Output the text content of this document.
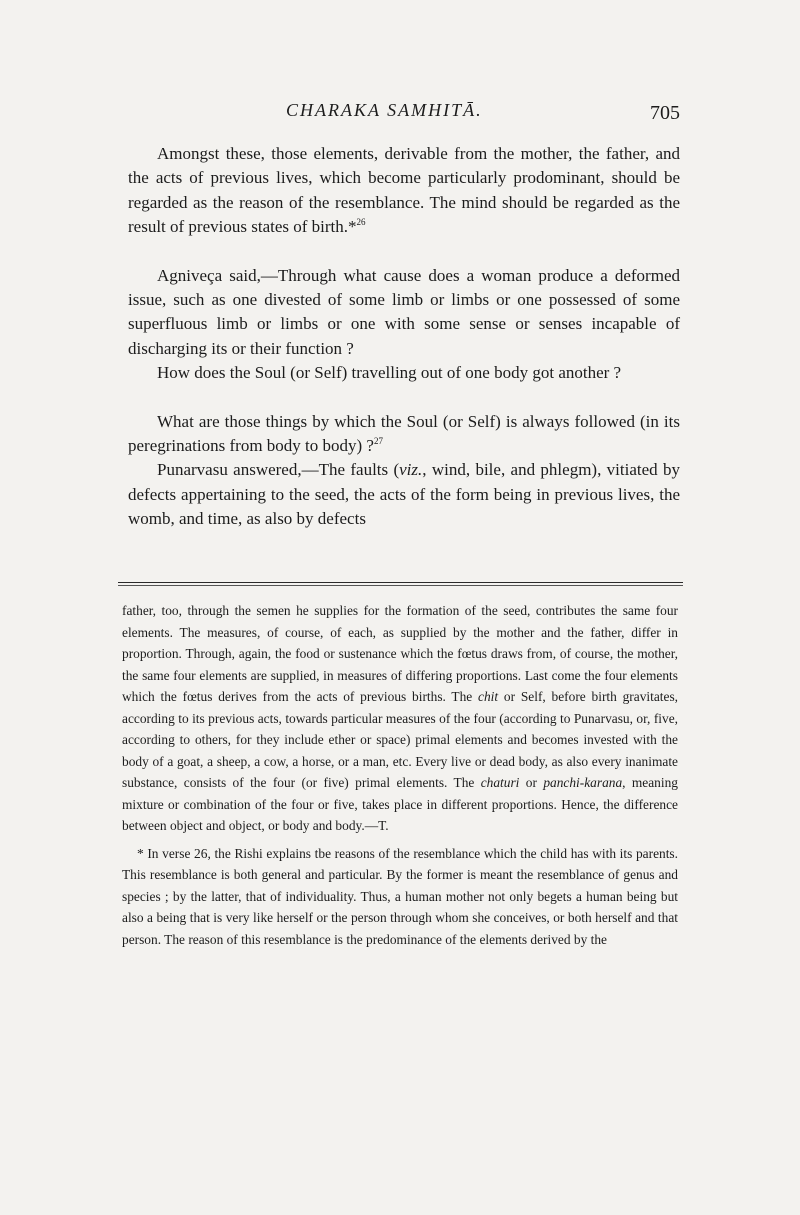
CHARAKA SAMHITĀ.	705

Amongst these, those elements, derivable from the mother, the father, and the acts of previous lives, which become particularly prodominant, should be regarded as the reason of the resemblance. The mind should be regarded as the result of previous states of birth.*$^{26}$

Agniveça said,—Through what cause does a woman produce a deformed issue, such as one divested of some limb or limbs or one possessed of some superfluous limb or limbs or one with some sense or senses incapable of discharging its or their function ?

How does the Soul (or Self) travelling out of one body got another ?

What are those things by which the Soul (or Self) is always followed (in its peregrinations from body to body) ?$^{27}$

Punarvasu answered,—The faults (viz., wind, bile, and phlegm), vitiated by defects appertaining to the seed, the acts of the form being in previous lives, the womb, and time, as also by defects

father, too, through the semen he supplies for the formation of the seed, contributes the same four elements. The measures, of course, of each, as supplied by the mother and the father, differ in proportion. Through, again, the food or sustenance which the fœtus draws from, of course, the mother, the same four elements are supplied, in measures of differing proportions. Last come the four elements which the fœtus derives from the acts of previous births. The chit or Self, before birth gravitates, according to its previous acts, towards particular measures of the four (according to Punarvasu, or, five, according to others, for they include ether or space) primal elements and becomes invested with the body of a goat, a sheep, a cow, a horse, or a man, etc. Every live or dead body, as also every inanimate substance, consists of the four (or five) primal elements. The chaturi or panchi-karana, meaning mixture or combination of the four or five, takes place in different proportions. Hence, the difference between object and object, or body and body.—T.

* In verse 26, the Rishi explains tbe reasons of the resemblance which the child has with its parents. This resemblance is both general and particular. By the former is meant the resemblance of genus and species ; by the latter, that of individuality. Thus, a human mother not only begets a human being but also a being that is very like herself or the person through whom she conceives, or both herself and that person. The reason of this resemblance is the predominance of the elements derived by the
